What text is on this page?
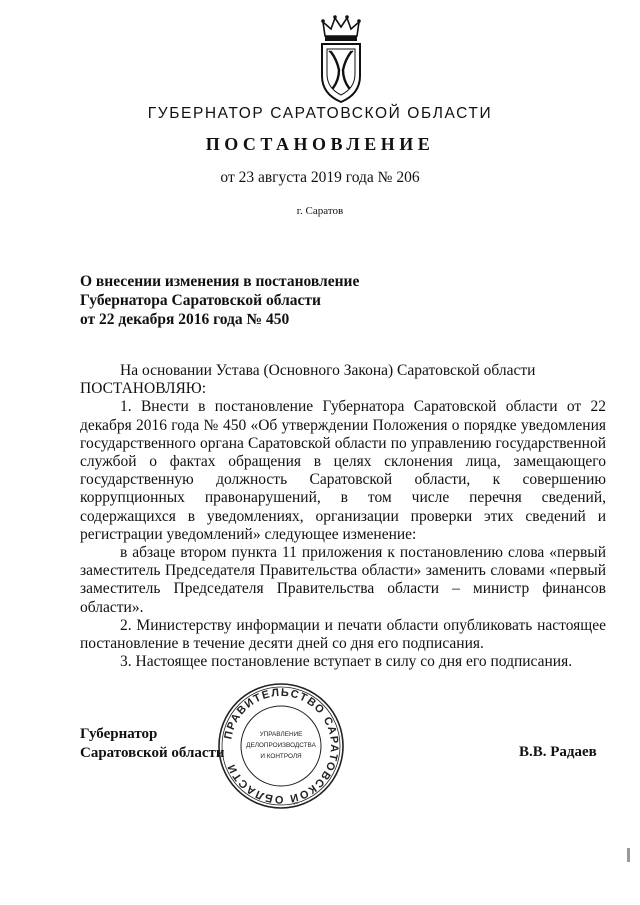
ГУБЕРНАТОР САРАТОВСКОЙ ОБЛАСТИ
ПОСТАНОВЛЕНИЕ
от 23 августа 2019 года № 206
г. Саратов
О внесении изменения в постановление
Губернатора Саратовской области
от 22 декабря 2016 года № 450

На основании Устава (Основного Закона) Саратовской области

ПОСТАНОВЛЯЮ:

1. Внести в постановление Губернатора Саратовской области от 22 декабря 2016 года № 450 «Об утверждении Положения о порядке уведомления государственного органа Саратовской области по управлению государственной службой о фактах обращения в целях склонения лица, замещающего государственную должность Саратовской области, к совершению коррупционных правонарушений, в том числе перечня сведений, содержащихся в уведомлениях, организации проверки этих сведений и регистрации уведомлений» следующее изменение:

в абзаце втором пункта 11 приложения к постановлению слова «первый заместитель Председателя Правительства области» заменить словами «первый заместитель Председателя Правительства области – министр финансов области».

2. Министерству информации и печати области опубликовать настоящее постановление в течение десяти дней со дня его подписания.

3. Настоящее постановление вступает в силу со дня его подписания.

Губернатор
Саратовской области
ПРАВИТЕЛЬСТВО САРАТОВСКОЙ ОБЛАСТИ
УПРАВЛЕНИЕ
ДЕЛОПРОИЗВОДСТВА
И КОНТРОЛЯ	В.В. Радаев
